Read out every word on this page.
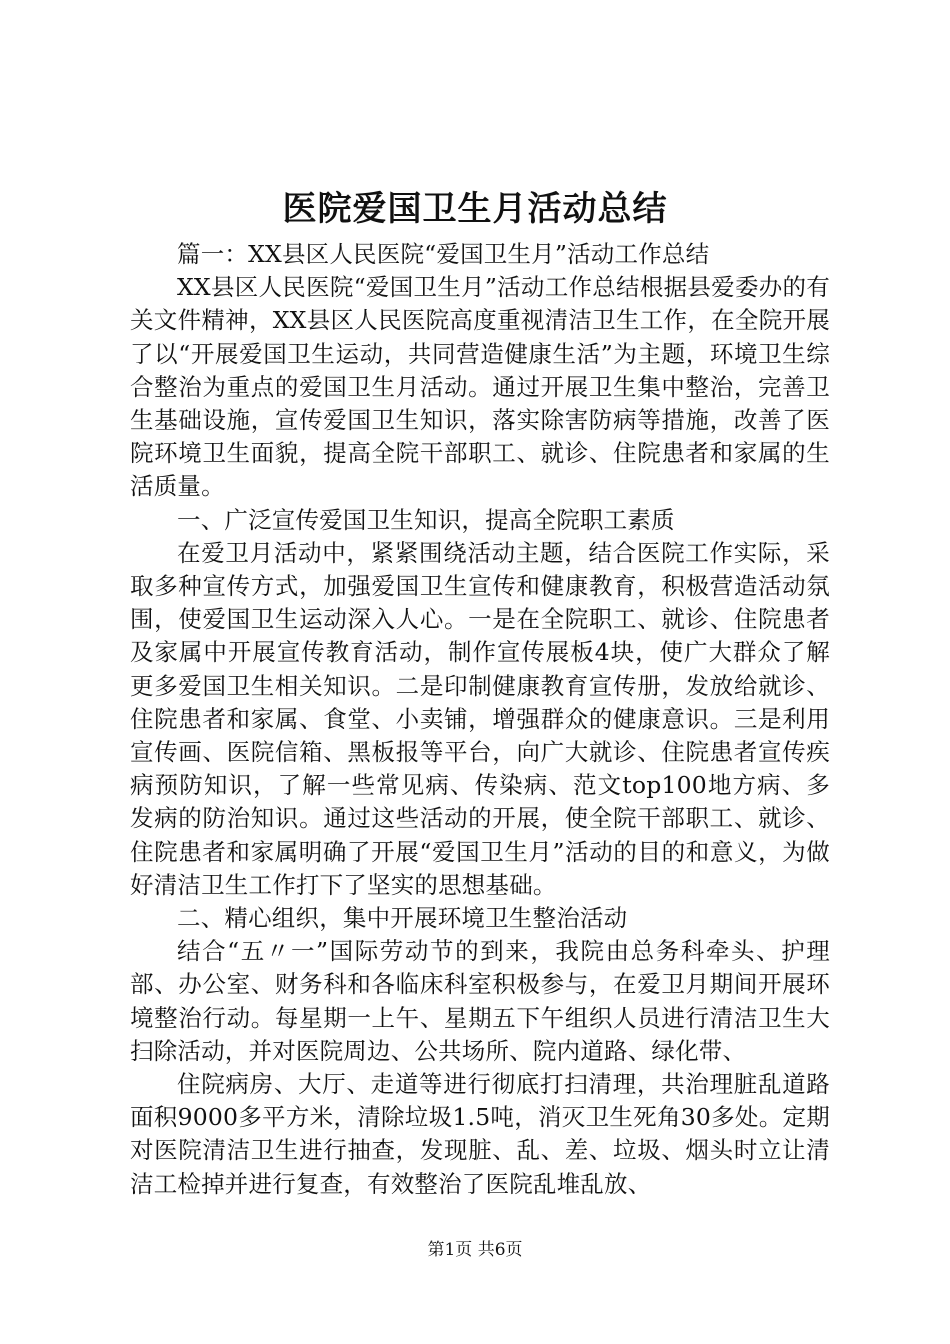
医院爱国卫生月活动总结

篇一：XX县区人民医院“爱国卫生月”活动工作总结

XX县区人民医院“爱国卫生月”活动工作总结根据县爱委办的有关文件精神，XX县区人民医院高度重视清洁卫生工作，在全院开展了以“开展爱国卫生运动，共同营造健康生活”为主题，环境卫生综合整治为重点的爱国卫生月活动。通过开展卫生集中整治，完善卫生基础设施，宣传爱国卫生知识，落实除害防病等措施，改善了医院环境卫生面貌，提高全院干部职工、就诊、住院患者和家属的生活质量。

一、广泛宣传爱国卫生知识，提高全院职工素质

在爱卫月活动中，紧紧围绕活动主题，结合医院工作实际，采取多种宣传方式，加强爱国卫生宣传和健康教育，积极营造活动氛围，使爱国卫生运动深入人心。一是在全院职工、就诊、住院患者及家属中开展宣传教育活动，制作宣传展板4块，使广大群众了解更多爱国卫生相关知识。二是印制健康教育宣传册，发放给就诊、住院患者和家属、食堂、小卖铺，增强群众的健康意识。三是利用宣传画、医院信箱、黑板报等平台，向广大就诊、住院患者宣传疾病预防知识，了解一些常见病、传染病、范文top100地方病、多发病的防治知识。通过这些活动的开展，使全院干部职工、就诊、住院患者和家属明确了开展“爱国卫生月”活动的目的和意义，为做好清洁卫生工作打下了坚实的思想基础。

二、精心组织，集中开展环境卫生整治活动

结合“五〃一”国际劳动节的到来，我院由总务科牵头、护理部、办公室、财务科和各临床科室积极参与，在爱卫月期间开展环境整治行动。每星期一上午、星期五下午组织人员进行清洁卫生大扫除活动，并对医院周边、公共场所、院内道路、绿化带、

住院病房、大厅、走道等进行彻底打扫清理，共治理脏乱道路面积9000多平方米，清除垃圾1.5吨，消灭卫生死角30多处。定期对医院清洁卫生进行抽查，发现脏、乱、差、垃圾、烟头时立让清洁工检掉并进行复查，有效整治了医院乱堆乱放、

第1页 共6页
